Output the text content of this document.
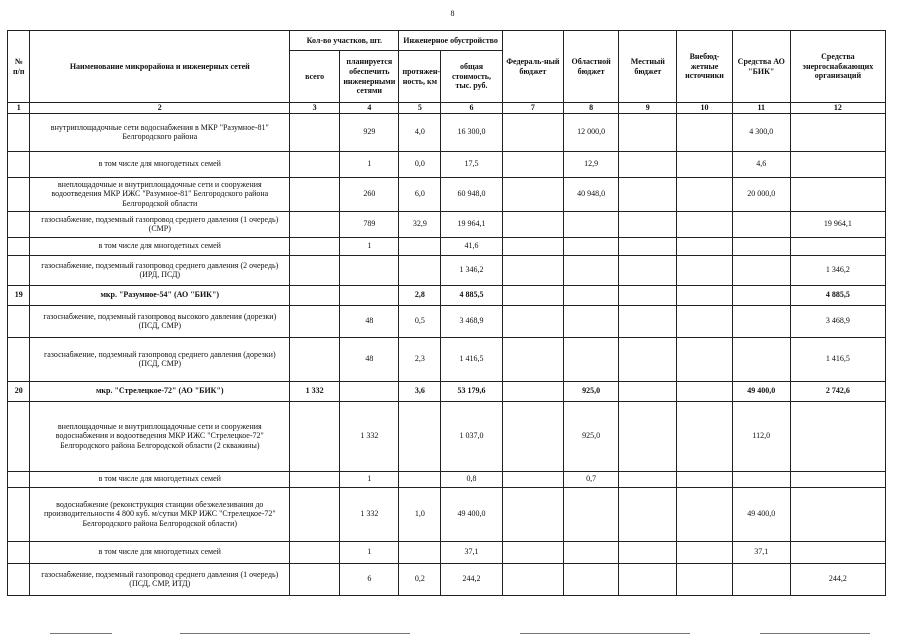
8
№ п/п	Наименование микрорайона и инженерных сетей	Кол-во участков, шт.		Инженерное обустройство		Федераль-ный бюджет	Областной бюджет	Местный бюджет	Внебюд-жетные источники	Средства АО "БИК"	Средства энергоснабжающих организаций
		всего	планируется обеспечить инженерными сетями	протяжен-ность, км	общая стоимость, тыс. руб.						
1	2	3	4	5	6	7	8	9	10	11	12
	внутриплощадочные сети водоснабжения в МКР "Разумное-81" Белгородского района		929	4,0	16 300,0		12 000,0			4 300,0	
	в том числе для многодетных семей		1	0,0	17,5		12,9			4,6	
	внеплощадочные и внутриплощадочные сети и сооружения водоотведения МКР ИЖС "Разумное-81" Белгородского района Белгородской области		260	6,0	60 948,0		40 948,0			20 000,0	
	газоснабжение, подземный газопровод среднего давления (1 очередь) (СМР)		789	32,9	19 964,1						19 964,1
	в том числе для многодетных семей		1		41,6						
	газоснабжение, подземный газопровод среднего давления (2 очередь) (ИРД, ПСД)				1 346,2						1 346,2
19	мкр. "Разумное-54" (АО "БИК")			2,8	4 885,5						4 885,5
	газоснабжение, подземный газопровод высокого давления (дорезки) (ПСД, СМР)		48	0,5	3 468,9						3 468,9
	газоснабжение, подземный газопровод среднего давления (дорезки) (ПСД, СМР)		48	2,3	1 416,5						1 416,5
20	мкр. "Стрелецкое-72" (АО "БИК")	1 332		3,6	53 179,6		925,0			49 400,0	2 742,6
	внеплощадочные и внутриплощадочные сети и сооружения водоснабжения и водоотведения МКР ИЖС "Стрелецкое-72" Белгородского района Белгородской области (2 скважины)		1 332		1 037,0		925,0			112,0	
	в том числе для многодетных семей		1		0,8		0,7				
	водоснабжение (реконструкция станции обезжелезивания до производительности 4 800 куб. м/сутки МКР ИЖС "Стрелецкое-72" Белгородского района Белгородской области)		1 332	1,0	49 400,0					49 400,0	
	в том числе для многодетных семей		1		37,1					37,1	
	газоснабжение, подземный газопровод среднего давления (1 очередь) (ПСД, СМР, ИТД)		6	0,2	244,2						244,2
